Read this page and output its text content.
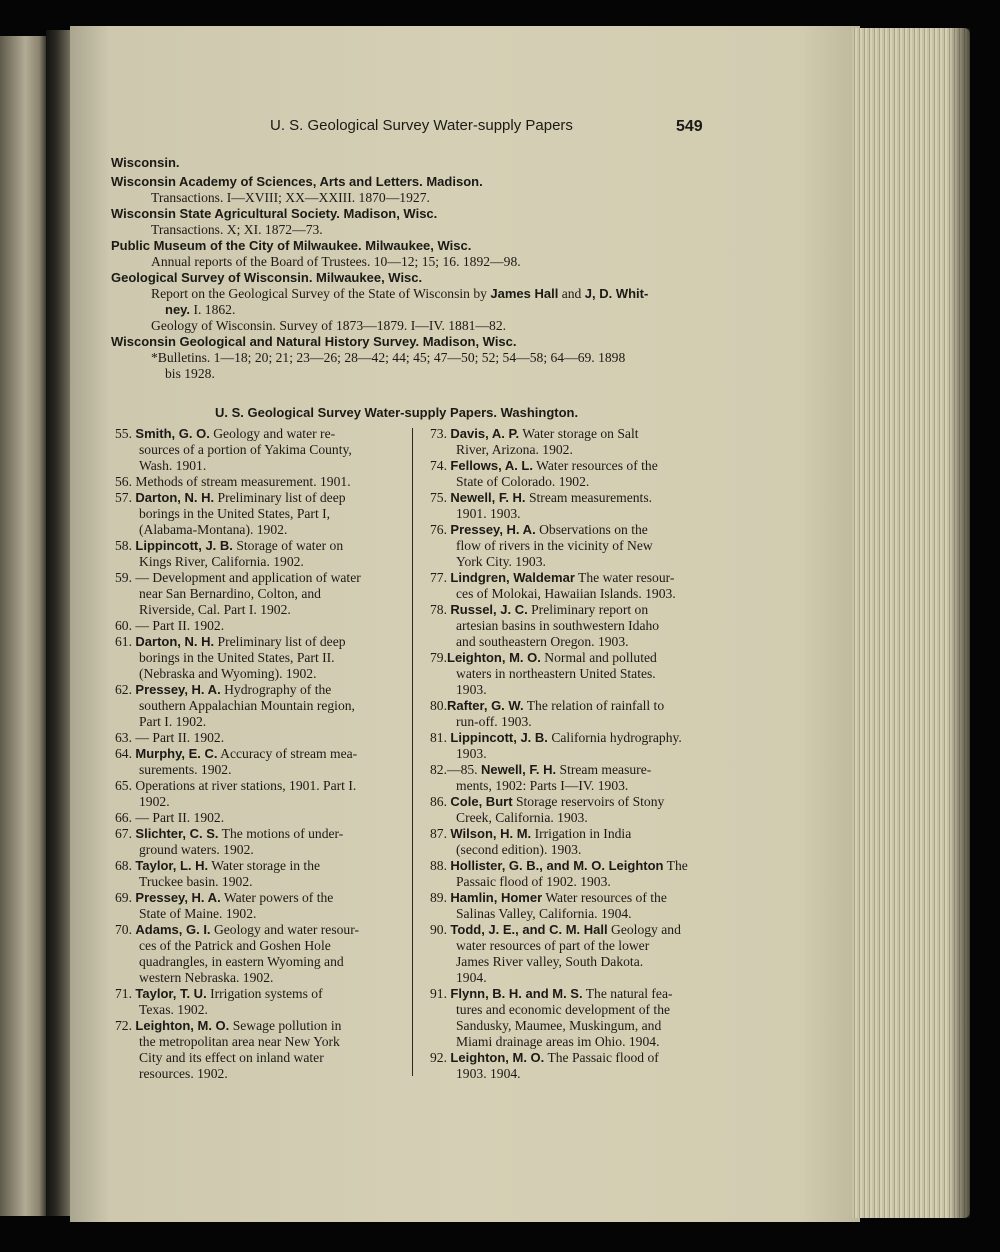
U. S. Geological Survey Water-supply Papers	549
Wisconsin.
Wisconsin Academy of Sciences, Arts and Letters. Madison.
Transactions. I—XVIII; XX—XXIII. 1870—1927.
Wisconsin State Agricultural Society. Madison, Wisc.
Transactions. X; XI. 1872—73.
Public Museum of the City of Milwaukee. Milwaukee, Wisc.
Annual reports of the Board of Trustees. 10—12; 15; 16. 1892—98.
Geological Survey of Wisconsin. Milwaukee, Wisc.
Report on the Geological Survey of the State of Wisconsin by James Hall and J, D. Whit-
ney. I. 1862.
Geology of Wisconsin. Survey of 1873—1879. I—IV. 1881—82.
Wisconsin Geological and Natural History Survey. Madison, Wisc.
*Bulletins. 1—18; 20; 21; 23—26; 28—42; 44; 45; 47—50; 52; 54—58; 64—69. 1898
bis 1928.
U. S. Geological Survey Water-supply Papers. Washington.
55. Smith, G. O. Geology and water re-
sources of a portion of Yakima County,
Wash. 1901.
56. Methods of stream measurement. 1901.
57. Darton, N. H. Preliminary list of deep
borings in the United States, Part I,
(Alabama-Montana). 1902.
58. Lippincott, J. B. Storage of water on
Kings River, California. 1902.
59. — Development and application of water
near San Bernardino, Colton, and
Riverside, Cal. Part I. 1902.
60. — Part II. 1902.
61. Darton, N. H. Preliminary list of deep
borings in the United States, Part II.
(Nebraska and Wyoming). 1902.
62. Pressey, H. A. Hydrography of the
southern Appalachian Mountain region,
Part I. 1902.
63. — Part II. 1902.
64. Murphy, E. C. Accuracy of stream mea-
surements. 1902.
65. Operations at river stations, 1901. Part I.
1902.
66. — Part II. 1902.
67. Slichter, C. S. The motions of under-
ground waters. 1902.
68. Taylor, L. H. Water storage in the
Truckee basin. 1902.
69. Pressey, H. A. Water powers of the
State of Maine. 1902.
70. Adams, G. I. Geology and water resour-
ces of the Patrick and Goshen Hole
quadrangles, in eastern Wyoming and
western Nebraska. 1902.
71. Taylor, T. U. Irrigation systems of
Texas. 1902.
72. Leighton, M. O. Sewage pollution in
the metropolitan area near New York
City and its effect on inland water
resources. 1902.
73. Davis, A. P. Water storage on Salt
River, Arizona. 1902.
74. Fellows, A. L. Water resources of the
State of Colorado. 1902.
75. Newell, F. H. Stream measurements.
1901. 1903.
76. Pressey, H. A. Observations on the
flow of rivers in the vicinity of New
York City. 1903.
77. Lindgren, Waldemar The water resour-
ces of Molokai, Hawaiian Islands. 1903.
78. Russel, J. C. Preliminary report on
artesian basins in southwestern Idaho
and southeastern Oregon. 1903.
79.Leighton, M. O. Normal and polluted
waters in northeastern United States.
1903.
80.Rafter, G. W. The relation of rainfall to
run-off. 1903.
81. Lippincott, J. B. California hydrography.
1903.
82.—85. Newell, F. H. Stream measure-
ments, 1902: Parts I—IV. 1903.
86. Cole, Burt Storage reservoirs of Stony
Creek, California. 1903.
87. Wilson, H. M. Irrigation in India
(second edition). 1903.
88. Hollister, G. B., and M. O. Leighton The
Passaic flood of 1902. 1903.
89. Hamlin, Homer Water resources of the
Salinas Valley, California. 1904.
90. Todd, J. E., and C. M. Hall Geology and
water resources of part of the lower
James River valley, South Dakota.
1904.
91. Flynn, B. H. and M. S. The natural fea-
tures and economic development of the
Sandusky, Maumee, Muskingum, and
Miami drainage areas im Ohio. 1904.
92. Leighton, M. O. The Passaic flood of
1903. 1904.
